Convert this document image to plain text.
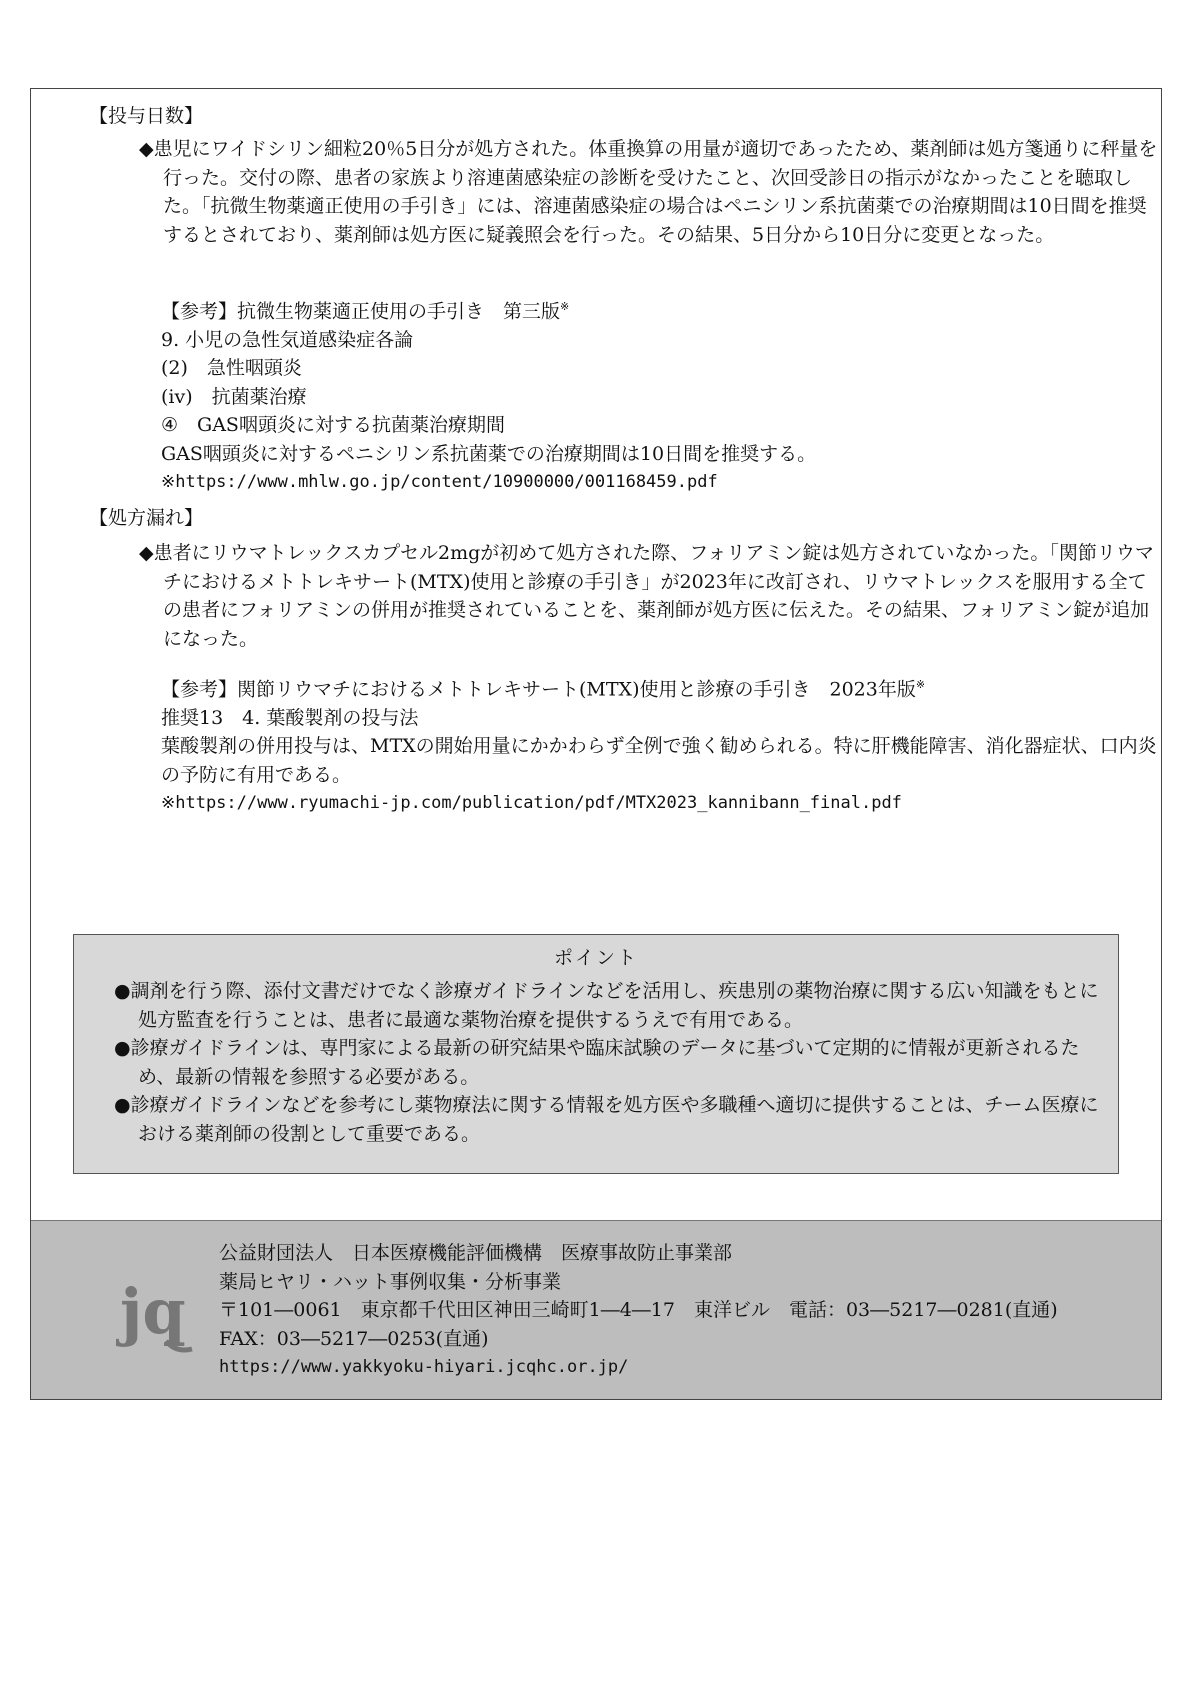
【投与日数】
◆患児にワイドシリン細粒20％5日分が処方された。体重換算の用量が適切であったため、薬剤師は処方箋通りに秤量を行った。交付の際、患者の家族より溶連菌感染症の診断を受けたこと、次回受診日の指示がなかったことを聴取した。「抗微生物薬適正使用の手引き」には、溶連菌感染症の場合はペニシリン系抗菌薬での治療期間は10日間を推奨するとされており、薬剤師は処方医に疑義照会を行った。その結果、5日分から10日分に変更となった。
【参考】抗微生物薬適正使用の手引き　第三版※
9. 小児の急性気道感染症各論
(2)　急性咽頭炎
(iv)　抗菌薬治療
④　GAS咽頭炎に対する抗菌薬治療期間
GAS咽頭炎に対するペニシリン系抗菌薬での治療期間は10日間を推奨する。
※https://www.mhlw.go.jp/content/10900000/001168459.pdf
【処方漏れ】
◆患者にリウマトレックスカプセル2mgが初めて処方された際、フォリアミン錠は処方されていなかった。「関節リウマチにおけるメトトレキサート(MTX)使用と診療の手引き」が2023年に改訂され、リウマトレックスを服用する全ての患者にフォリアミンの併用が推奨されていることを、薬剤師が処方医に伝えた。その結果、フォリアミン錠が追加になった。
【参考】関節リウマチにおけるメトトレキサート(MTX)使用と診療の手引き　2023年版※
推奨13　4. 葉酸製剤の投与法
葉酸製剤の併用投与は、MTXの開始用量にかかわらず全例で強く勧められる。特に肝機能障害、消化器症状、口内炎の予防に有用である。
※https://www.ryumachi-jp.com/publication/pdf/MTX2023_kannibann_final.pdf
ポイント
●調剤を行う際、添付文書だけでなく診療ガイドラインなどを活用し、疾患別の薬物治療に関する広い知識をもとに処方監査を行うことは、患者に最適な薬物治療を提供するうえで有用である。
●診療ガイドラインは、専門家による最新の研究結果や臨床試験のデータに基づいて定期的に情報が更新されるため、最新の情報を参照する必要がある。
●診療ガイドラインなどを参考にし薬物療法に関する情報を処方医や多職種へ適切に提供することは、チーム医療における薬剤師の役割として重要である。
jq
公益財団法人　日本医療機能評価機構　医療事故防止事業部
薬局ヒヤリ・ハット事例収集・分析事業
〒101―0061　東京都千代田区神田三崎町1―4―17　東洋ビル　電話：03―5217―0281(直通)
FAX：03―5217―0253(直通)
https://www.yakkyoku-hiyari.jcqhc.or.jp/
